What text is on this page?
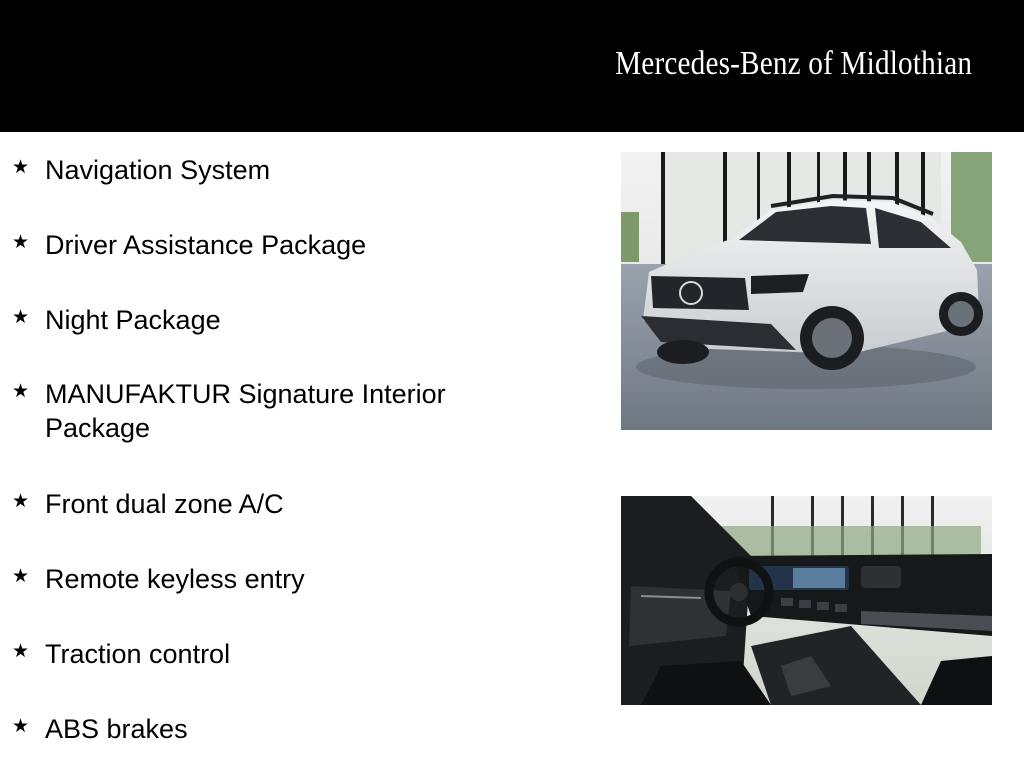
Mercedes-Benz of Midlothian
★ Navigation System
★ Driver Assistance Package
★ Night Package
★ MANUFAKTUR Signature Interior Package
★ Front dual zone A/C
★ Remote keyless entry
★ Traction control
★ ABS brakes
